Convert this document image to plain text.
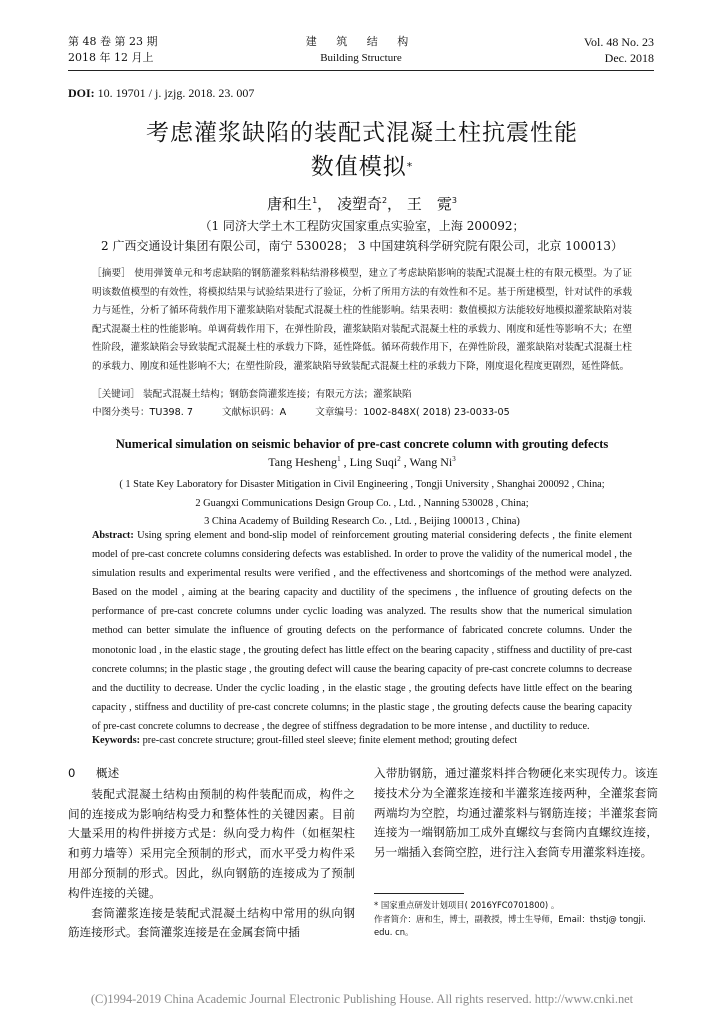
第 48 卷 第 23 期
2018 年 12 月上
建 筑 结 构
Building Structure
Vol. 48 No. 23
Dec. 2018
DOI: 10. 19701 / j. jzjg. 2018. 23. 007
考虑灌浆缺陷的装配式混凝土柱抗震性能
数值模拟*
唐和生$^1$， 凌塑奇$^2$， 王　霓$^3$
（1 同济大学土木工程防灾国家重点实验室，上海 200092；
2 广西交通设计集团有限公司，南宁 530028； 3 中国建筑科学研究院有限公司，北京 100013）
［摘要］ 使用弹簧单元和考虑缺陷的钢筋灌浆料粘结滑移模型，建立了考虑缺陷影响的装配式混凝土柱的有限元模型。为了证明该数值模型的有效性，将模拟结果与试验结果进行了验证，分析了所用方法的有效性和不足。基于所建模型，针对试件的承载力与延性，分析了循环荷载作用下灌浆缺陷对装配式混凝土柱的性能影响。结果表明：数值模拟方法能较好地模拟灌浆缺陷对装配式混凝土柱的性能影响。单调荷载作用下，在弹性阶段，灌浆缺陷对装配式混凝土柱的承载力、刚度和延性等影响不大；在塑性阶段，灌浆缺陷会导致装配式混凝土柱的承载力下降，延性降低。循环荷载作用下，在弹性阶段，灌浆缺陷对装配式混凝土柱的承载力、刚度和延性影响不大；在塑性阶段，灌浆缺陷导致装配式混凝土柱的承载力下降，刚度退化程度更剧烈，延性降低。
［关键词］ 装配式混凝土结构；钢筋套筒灌浆连接；有限元方法；灌浆缺陷
中图分类号：TU398. 7	文献标识码：A	文章编号：1002-848X( 2018) 23-0033-05
Numerical simulation on seismic behavior of pre-cast concrete column with grouting defects
Tang Hesheng$^1$ , Ling Suqi$^2$ , Wang Ni$^3$
( 1 State Key Laboratory for Disaster Mitigation in Civil Engineering , Tongji University , Shanghai 200092 , China;
2 Guangxi Communications Design Group Co. , Ltd. , Nanning 530028 , China;
3 China Academy of Building Research Co. , Ltd. , Beijing 100013 , China)
Abstract: Using spring element and bond-slip model of reinforcement grouting material considering defects , the finite element model of pre-cast concrete columns considering defects was established. In order to prove the validity of the numerical model , the simulation results and experimental results were verified , and the effectiveness and shortcomings of the method were analyzed. Based on the model , aiming at the bearing capacity and ductility of the specimens , the influence of grouting defects on the performance of pre-cast concrete columns under cyclic loading was analyzed. The results show that the numerical simulation method can better simulate the influence of grouting defects on the performance of fabricated concrete columns. Under the monotonic load , in the elastic stage , the grouting defect has little effect on the bearing capacity , stiffness and ductility of pre-cast concrete columns; in the plastic stage , the grouting defect will cause the bearing capacity of pre-cast concrete columns to decrease and the ductility to decrease. Under the cyclic loading , in the elastic stage , the grouting defects have little effect on the bearing capacity , stiffness and ductility of pre-cast concrete columns; in the plastic stage , the grouting defects cause the bearing capacity of pre-cast concrete columns to decrease , the degree of stiffness degradation to be more intense , and ductility to reduce.
Keywords: pre-cast concrete structure; grout-filled steel sleeve; finite element method; grouting defect
0 概述

装配式混凝土结构由预制的构件装配而成，构件之间的连接成为影响结构受力和整体性的关键因素。目前大量采用的构件拼接方式是：纵向受力构件（如框架柱和剪力墙等）采用完全预制的形式，而水平受力构件采用部分预制的形式。因此，纵向钢筋的连接成为了预制构件连接的关键。

套筒灌浆连接是装配式混凝土结构中常用的纵向钢筋连接形式。套筒灌浆连接是在金属套筒中插

入带肋钢筋，通过灌浆料拌合物硬化来实现传力。该连接技术分为全灌浆连接和半灌浆连接两种，全灌浆套筒两端均为空腔，均通过灌浆料与钢筋连接；半灌浆套筒连接为一端钢筋加工成外直螺纹与套筒内直螺纹连接，另一端插入套筒空腔，进行注入套筒专用灌浆料连接。

* 国家重点研发计划项目( 2016YFC0701800) 。
作者简介：唐和生，博士，副教授，博士生导师，Email：thstj@ tongji. edu. cn。
(C)1994-2019 China Academic Journal Electronic Publishing House. All rights reserved. http://www.cnki.net
